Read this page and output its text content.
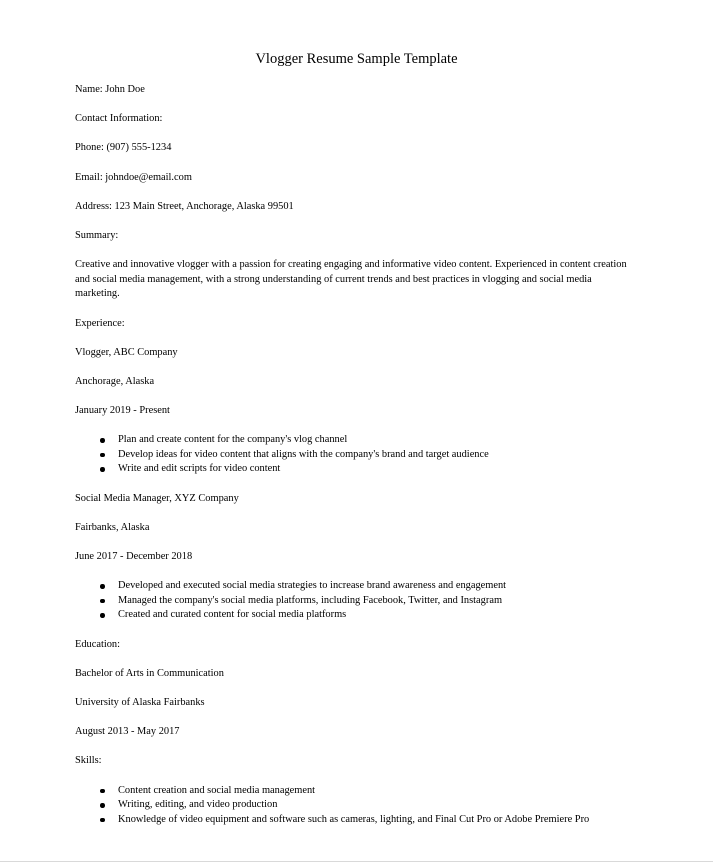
Vlogger Resume Sample Template

Name: John Doe

Contact Information:

Phone: (907) 555-1234

Email: johndoe@email.com

Address: 123 Main Street, Anchorage, Alaska 99501

Summary:

Creative and innovative vlogger with a passion for creating engaging and informative video content. Experienced in content creation and social media management, with a strong understanding of current trends and best practices in vlogging and social media marketing.

Experience:

Vlogger, ABC Company

Anchorage, Alaska

January 2019 - Present

Plan and create content for the company's vlog channel
Develop ideas for video content that aligns with the company's brand and target audience
Write and edit scripts for video content

Social Media Manager, XYZ Company

Fairbanks, Alaska

June 2017 - December 2018

Developed and executed social media strategies to increase brand awareness and engagement
Managed the company's social media platforms, including Facebook, Twitter, and Instagram
Created and curated content for social media platforms

Education:

Bachelor of Arts in Communication

University of Alaska Fairbanks

August 2013 - May 2017

Skills:

Content creation and social media management
Writing, editing, and video production
Knowledge of video equipment and software such as cameras, lighting, and Final Cut Pro or Adobe Premiere Pro
